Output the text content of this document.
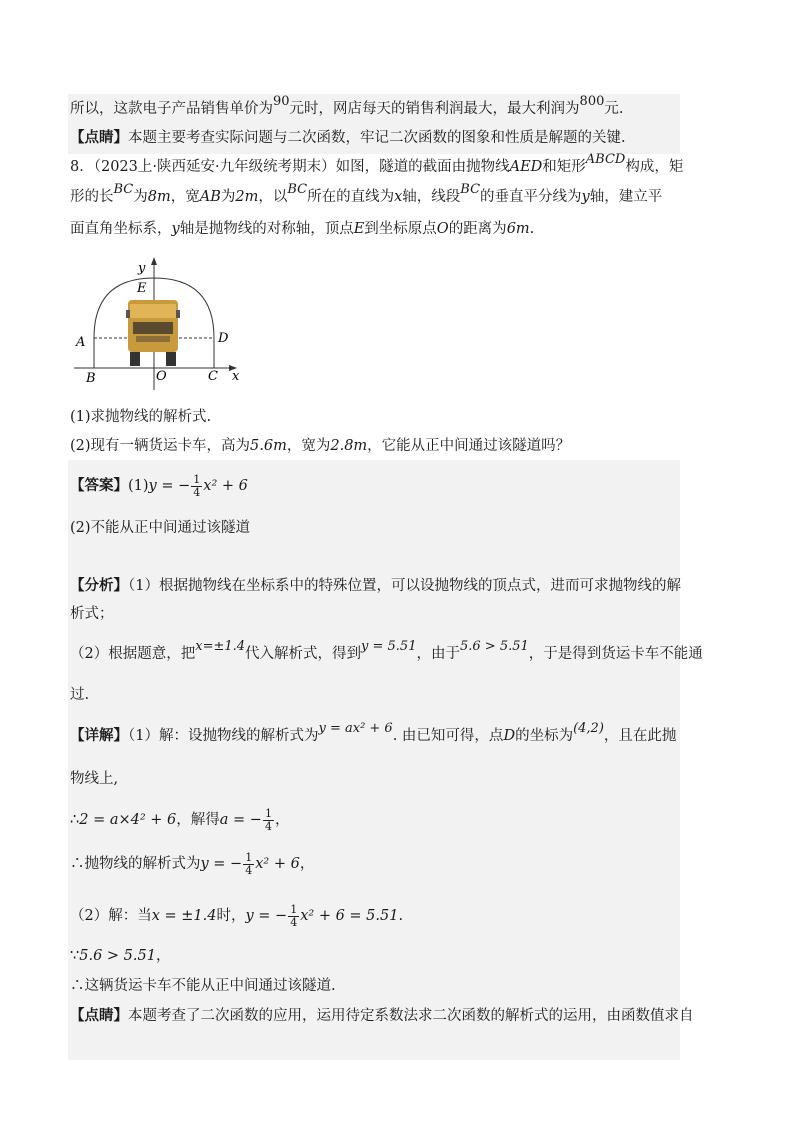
所以，这款电子产品销售单价为90元时，网店每天的销售利润最大，最大利润为800元.
【点睛】本题主要考查实际问题与二次函数，牢记二次函数的图象和性质是解题的关键.
8．（2023上·陕西延安·九年级统考期末）如图，隧道的截面由抛物线AED和矩形ABCD构成，矩
形的长BC为8m，宽AB为2m，以BC所在的直线为x轴，线段BC的垂直平分线为y轴，建立平
面直角坐标系，y轴是抛物线的对称轴，顶点E到坐标原点O的距离为6m.
y
E
A	D
B	O	C x
(1)求抛物线的解析式.
(2)现有一辆货运卡车，高为5.6m，宽为2.8m，它能从正中间通过该隧道吗？
【答案】(1)y = − $\frac{1}{4} x^2 + 6$
(2)不能从正中间通过该隧道
【分析】（1）根据抛物线在坐标系中的特殊位置，可以设抛物线的顶点式，进而可求抛物线的解
析式；
（2）根据题意，把x=±1.4代入解析式，得到y = 5.51，由于5.6 > 5.51，于是得到货运卡车不能通
过.
【详解】（1）解：设抛物线的解析式为y = ax² + 6. 由已知可得，点D的坐标为(4,2)，且在此抛
物线上,
∴2 = a×4² + 6，解得a = − $\frac{1}{4}$ ，
∴抛物线的解析式为y = − $\frac{1}{4} x^2 + 6$，
（2）解：当x = ±1.4时，y = − $\frac{1}{4} x^2 + 6 = 5.51$.
∵5.6 > 5.51，
∴这辆货运卡车不能从正中间通过该隧道.
【点睛】本题考查了二次函数的应用，运用待定系数法求二次函数的解析式的运用，由函数值求自
